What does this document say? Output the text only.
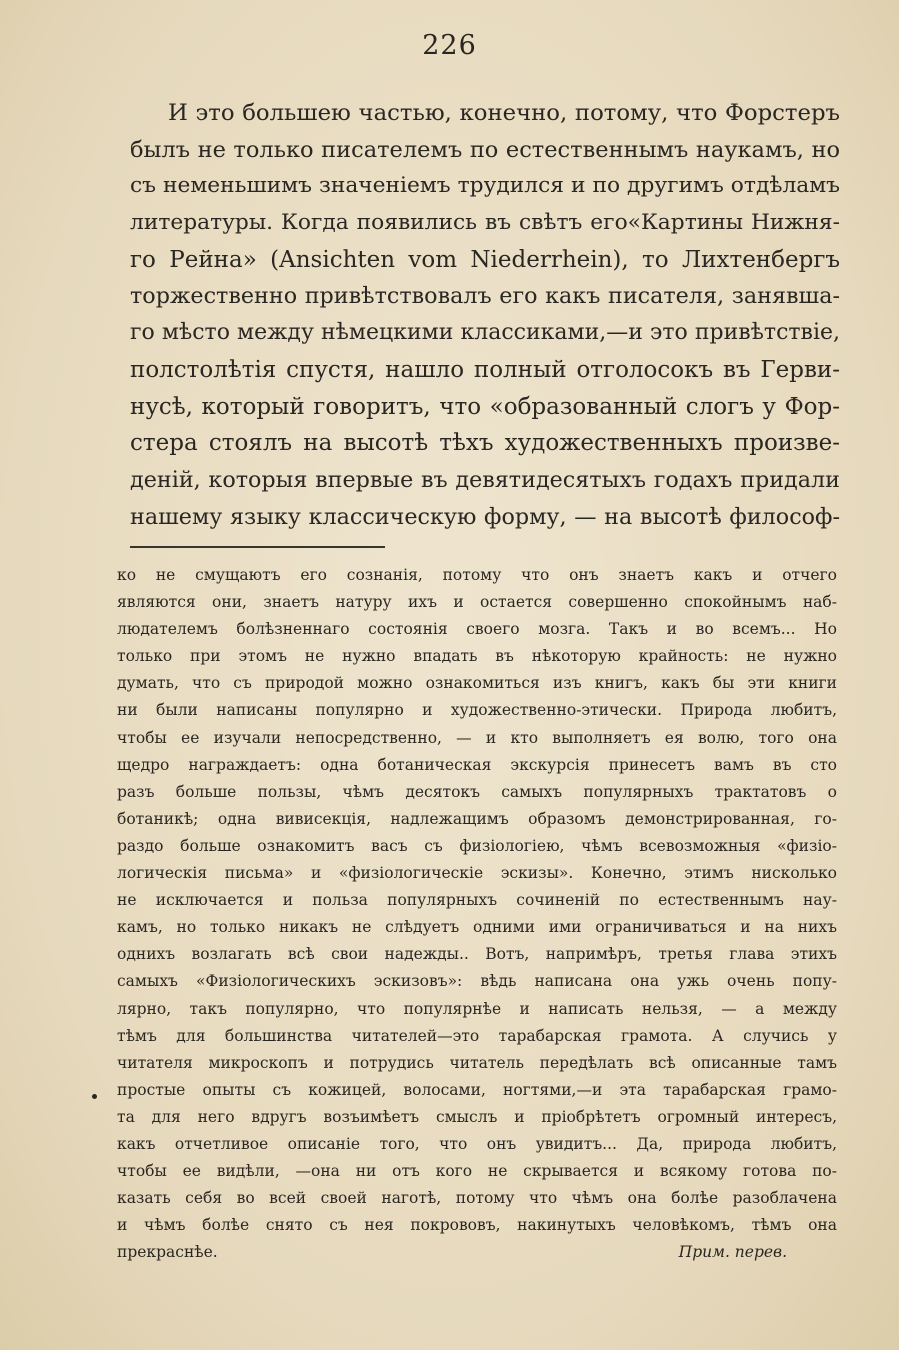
226
И это большею частью, конечно, потому, что Форстеръ
былъ не только писателемъ по естественнымъ наукамъ, но
съ неменьшимъ значеніемъ трудился и по другимъ отдѣламъ
литературы. Когда появились въ свѣтъ его«Картины Нижня-
го Рейна» (Ansichten vom Niederrhein), то Лихтенбергъ
торжественно привѣтствовалъ его какъ писателя, занявша-
го мѣсто между нѣмецкими классиками,—и это привѣтствіе,
полстолѣтія спустя, нашло полный отголосокъ въ Герви-
нусѣ, который говоритъ, что «образованный слогъ у Фор-
стера стоялъ на высотѣ тѣхъ художественныхъ произве-
деній, которыя впервые въ девятидесятыхъ годахъ придали
нашему языку классическую форму, — на высотѣ философ-
ко не смущаютъ его сознанія, потому что онъ знаетъ какъ и отчего
являются они, знаетъ натуру ихъ и остается совершенно спокойнымъ наб-
людателемъ болѣзненнаго состоянія своего мозга. Такъ и во всемъ... Но
только при этомъ не нужно впадать въ нѣкоторую крайность: не нужно
думать, что съ природой можно ознакомиться изъ книгъ, какъ бы эти книги
ни были написаны популярно и художественно-этически. Природа любитъ,
чтобы ее изучали непосредственно, — и кто выполняетъ ея волю, того она
щедро награждаетъ: одна ботаническая экскурсія принесетъ вамъ въ сто
разъ больше пользы, чѣмъ десятокъ самыхъ популярныхъ трактатовъ о
ботаникѣ; одна вивисекція, надлежащимъ образомъ демонстрированная, го-
раздо больше ознакомитъ васъ съ физіологіею, чѣмъ всевозможныя «физіо-
логическія письма» и «физіологическіе эскизы». Конечно, этимъ нисколько
не исключается и польза популярныхъ сочиненій по естественнымъ нау-
камъ, но только никакъ не слѣдуетъ одними ими ограничиваться и на нихъ
однихъ возлагать всѣ свои надежды.. Вотъ, напримѣръ, третья глава этихъ
самыхъ «Физіологическихъ эскизовъ»: вѣдь написана она ужь очень попу-
лярно, такъ популярно, что популярнѣе и написать нельзя, — а между
тѣмъ для большинства читателей—это тарабарская грамота. А случись у
читателя микроскопъ и потрудись читатель передѣлать всѣ описанные тамъ
простые опыты съ кожицей, волосами, ногтями,—и эта тарабарская грамо-
та для него вдругъ возъимѣетъ смыслъ и пріобрѣтетъ огромный интересъ,
какъ отчетливое описаніе того, что онъ увидитъ... Да, природа любитъ,
чтобы ее видѣли, —она ни отъ кого не скрывается и всякому готова по-
казать себя во всей своей наготѣ, потому что чѣмъ она болѣе разоблачена
и чѣмъ болѣе снято съ нея покрововъ, накинутыхъ человѣкомъ, тѣмъ она
прекраснѣе.	Прим. перев.
